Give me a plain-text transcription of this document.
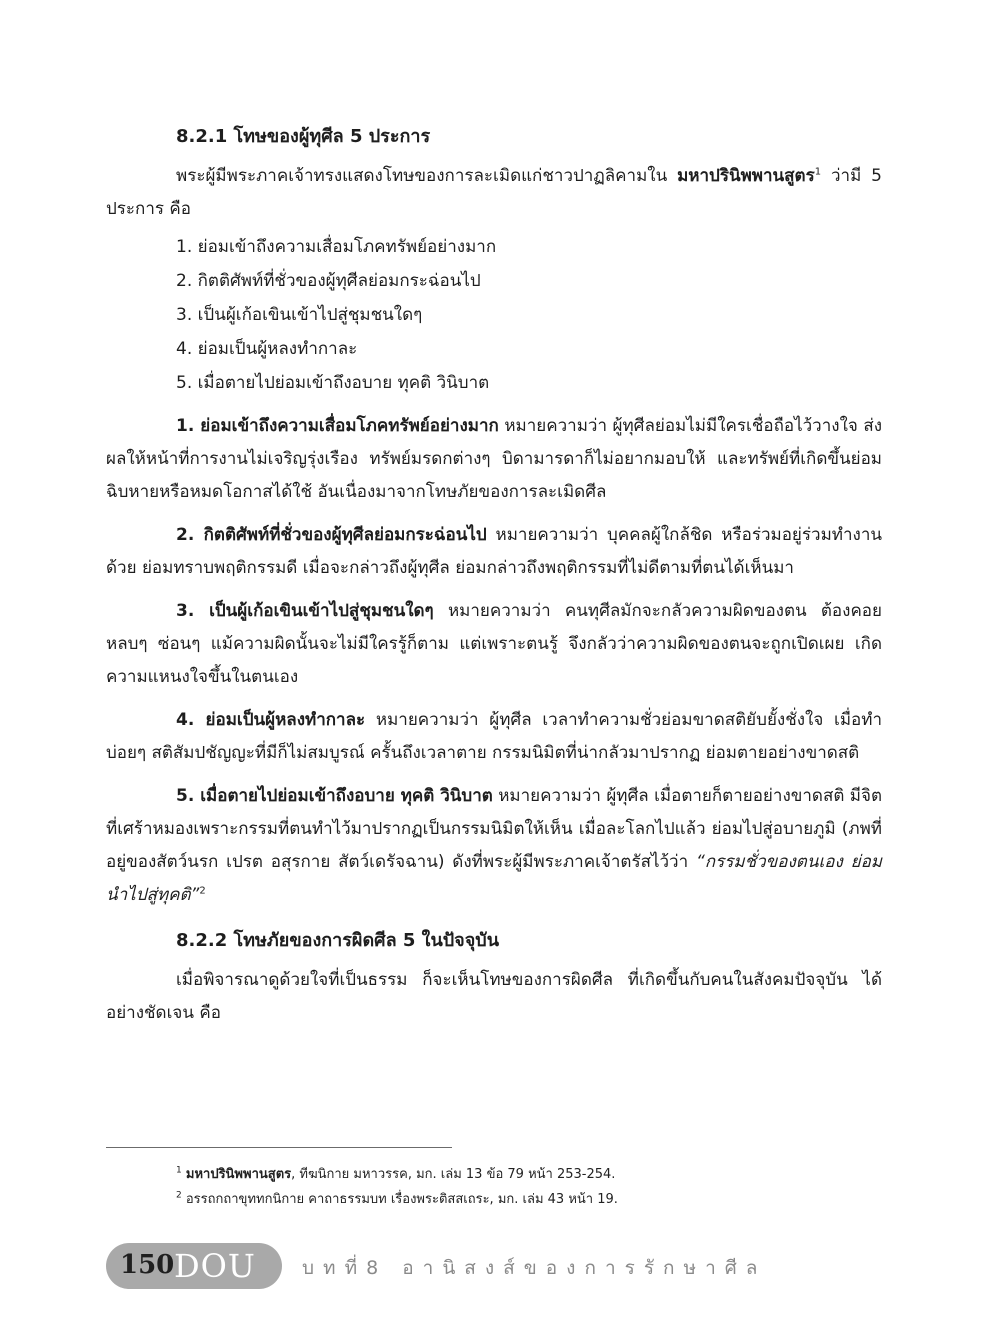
8.2.1 โทษของผู้ทุศีล 5 ประการ

พระผู้มีพระภาคเจ้าทรงแสดงโทษของการละเมิดแก่ชาวปาฏลิคามใน มหาปรินิพพานสูตร$^1$ ว่ามี 5 ประการ คือ

1. ย่อมเข้าถึงความเสื่อมโภคทรัพย์อย่างมาก
2. กิตติศัพท์ที่ชั่วของผู้ทุศีลย่อมกระฉ่อนไป
3. เป็นผู้เก้อเขินเข้าไปสู่ชุมชนใดๆ
4. ย่อมเป็นผู้หลงทำกาละ
5. เมื่อตายไปย่อมเข้าถึงอบาย ทุคติ วินิบาต

1. ย่อมเข้าถึงความเสื่อมโภคทรัพย์อย่างมาก หมายความว่า ผู้ทุศีลย่อมไม่มีใครเชื่อถือไว้วางใจ ส่งผลให้หน้าที่การงานไม่เจริญรุ่งเรือง ทรัพย์มรดกต่างๆ บิดามารดาก็ไม่อยากมอบให้ และทรัพย์ที่เกิดขึ้นย่อมฉิบหายหรือหมดโอกาสได้ใช้ อันเนื่องมาจากโทษภัยของการละเมิดศีล

2. กิตติศัพท์ที่ชั่วของผู้ทุศีลย่อมกระฉ่อนไป หมายความว่า บุคคลผู้ใกล้ชิด หรือร่วมอยู่ร่วมทำงานด้วย ย่อมทราบพฤติกรรมดี เมื่อจะกล่าวถึงผู้ทุศีล ย่อมกล่าวถึงพฤติกรรมที่ไม่ดีตามที่ตนได้เห็นมา

3. เป็นผู้เก้อเขินเข้าไปสู่ชุมชนใดๆ หมายความว่า คนทุศีลมักจะกลัวความผิดของตน ต้องคอยหลบๆ ซ่อนๆ แม้ความผิดนั้นจะไม่มีใครรู้ก็ตาม แต่เพราะตนรู้ จึงกลัวว่าความผิดของตนจะถูกเปิดเผย เกิดความแหนงใจขึ้นในตนเอง

4. ย่อมเป็นผู้หลงทำกาละ หมายความว่า ผู้ทุศีล เวลาทำความชั่วย่อมขาดสติยับยั้งชั่งใจ เมื่อทำบ่อยๆ สติสัมปชัญญะที่มีก็ไม่สมบูรณ์ ครั้นถึงเวลาตาย กรรมนิมิตที่น่ากลัวมาปรากฏ ย่อมตายอย่างขาดสติ

5. เมื่อตายไปย่อมเข้าถึงอบาย ทุคติ วินิบาต หมายความว่า ผู้ทุศีล เมื่อตายก็ตายอย่างขาดสติ มีจิตที่เศร้าหมองเพราะกรรมที่ตนทำไว้มาปรากฏเป็นกรรมนิมิตให้เห็น เมื่อละโลกไปแล้ว ย่อมไปสู่อบายภูมิ (ภพที่อยู่ของสัตว์นรก เปรต อสุรกาย สัตว์เดรัจฉาน) ดังที่พระผู้มีพระภาคเจ้าตรัสไว้ว่า “กรรมชั่วของตนเอง ย่อมนำไปสู่ทุคติ”$^2$

8.2.2 โทษภัยของการผิดศีล 5 ในปัจจุบัน

เมื่อพิจารณาดูด้วยใจที่เป็นธรรม ก็จะเห็นโทษของการผิดศีล ที่เกิดขึ้นกับคนในสังคมปัจจุบัน ได้อย่างชัดเจน คือ

$^1$ มหาปรินิพพานสูตร, ทีฆนิกาย มหาวรรค, มก. เล่ม 13 ข้อ 79 หน้า 253-254.
$^2$ อรรถกถาขุททกนิกาย คาถาธรรมบท เรื่องพระติสสเถระ, มก. เล่ม 43 หน้า 19.
150 DOU บทที่8 อานิสงส์ของการรักษาศีล
